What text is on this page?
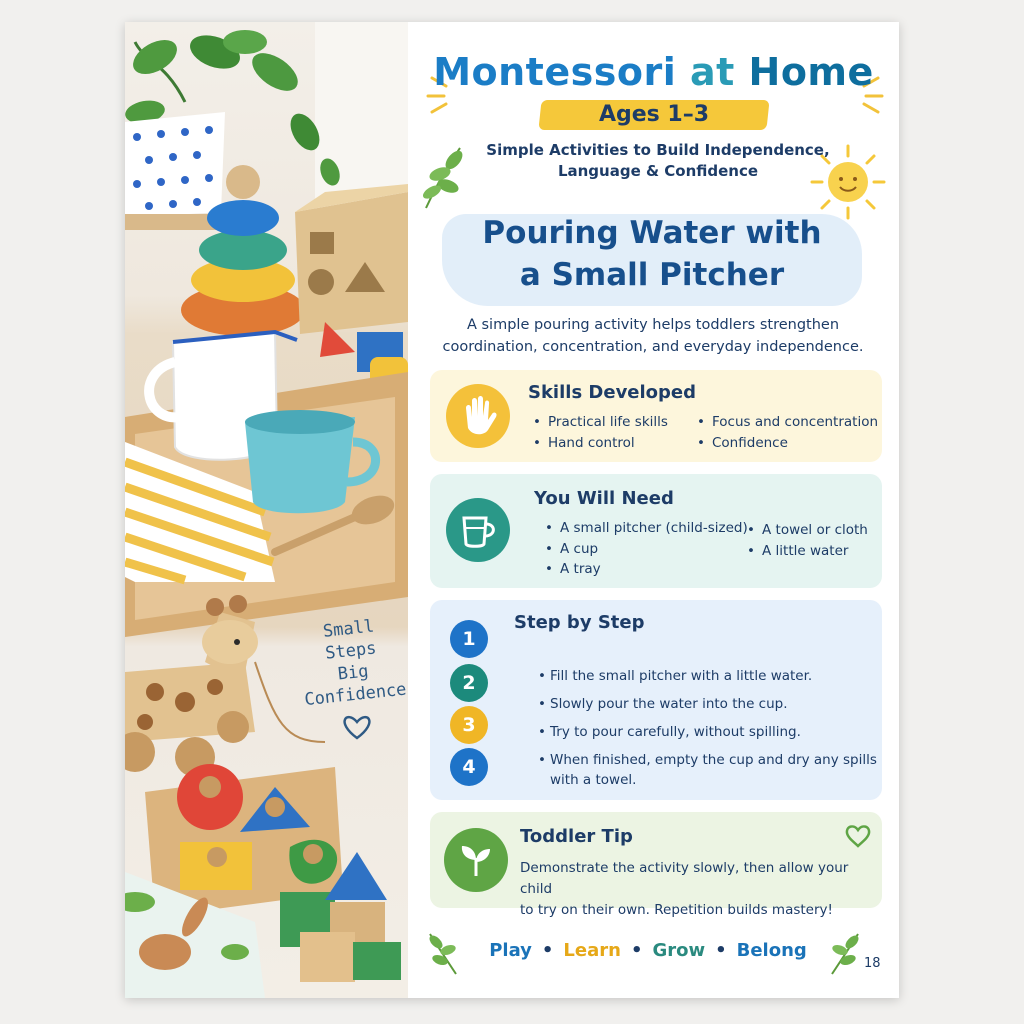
Small
Steps
Big
Confidence

Montessori at Home
Ages 1–3

Simple Activities to Build Independence,
Language & Confidence

Pouring Water with
a Small Pitcher

A simple pouring activity helps toddlers strengthen
coordination, concentration, and everyday independence.

Skills Developed
• Practical life skills
• Hand control
• Focus and concentration
• Confidence
You Will Need
• A small pitcher (child-sized)
• A cup
• A tray
• A towel or cloth
• A little water
Step by Step
1
2
3
4
• Fill the small pitcher with a little water.
• Slowly pour the water into the cup.
• Try to pour carefully, without spilling.
• When finished, empty the cup and dry any spills with a towel.
Toddler Tip

Demonstrate the activity slowly, then allow your child
to try on their own. Repetition builds mastery!

Play • Learn • Grow • Belong
18
